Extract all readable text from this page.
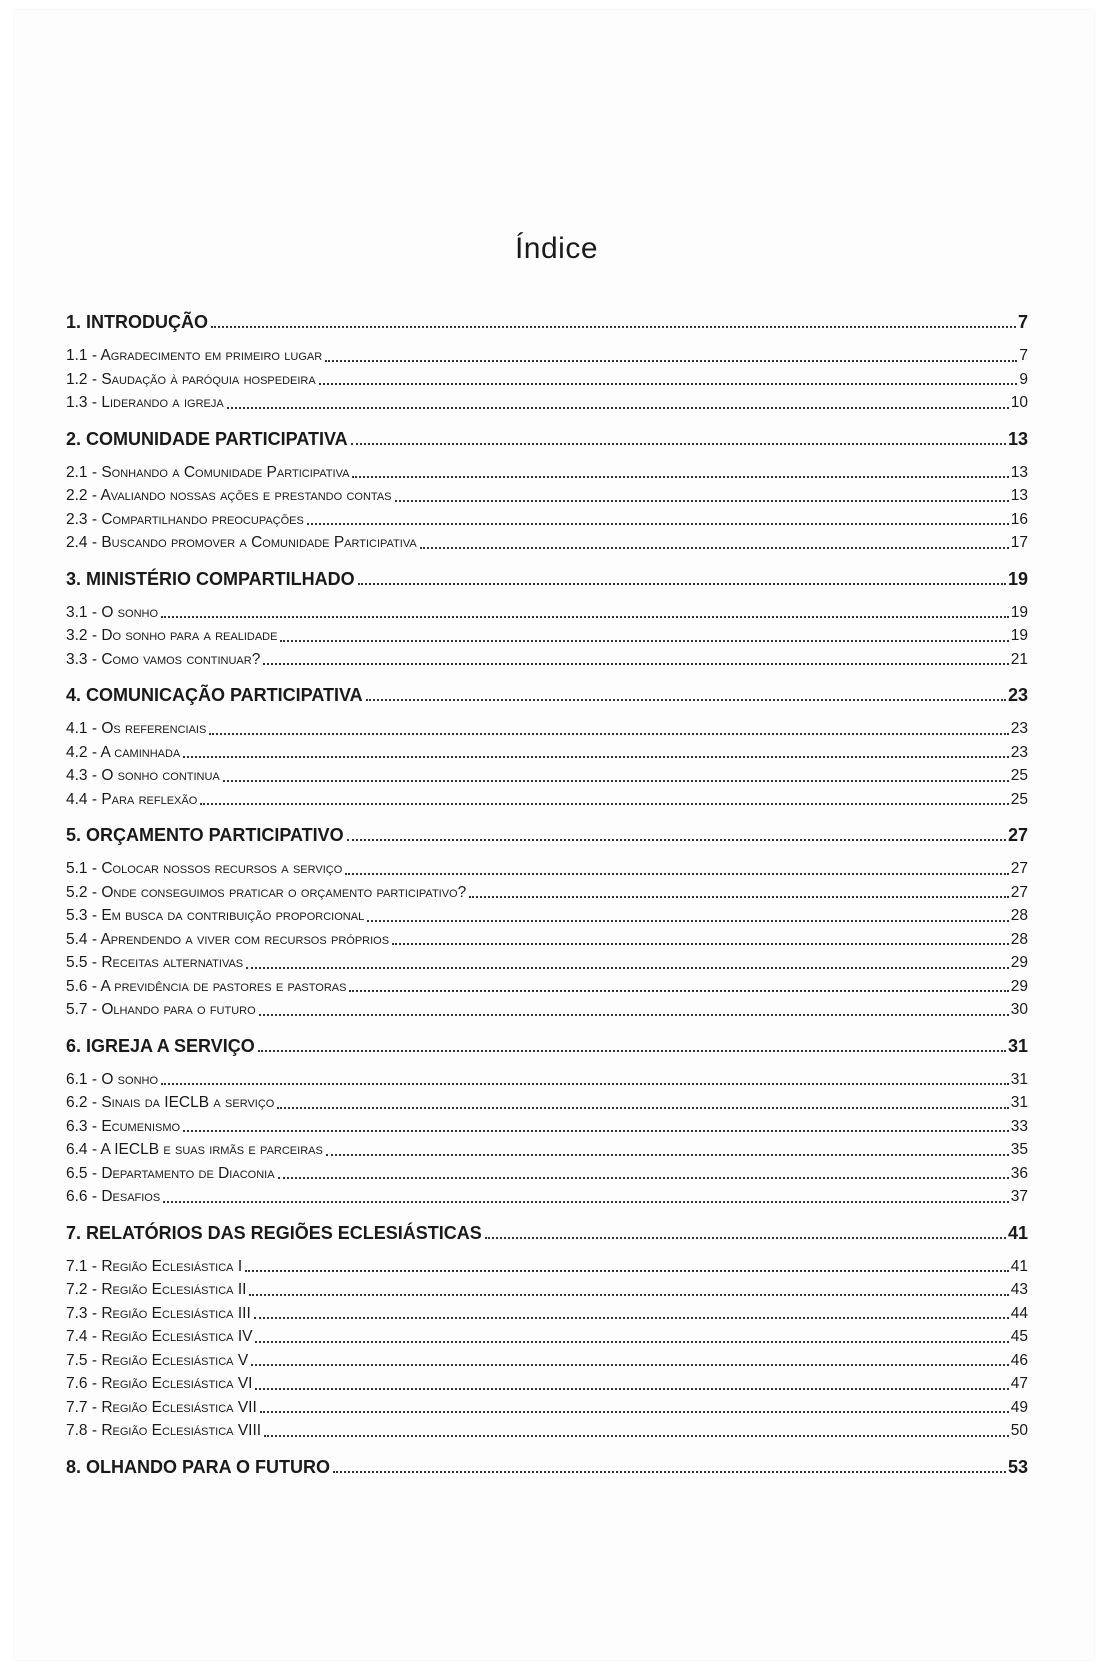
Índice
1. INTRODUÇÃO	7
1.1 - Agradecimento em primeiro lugar	7
1.2 - Saudação à paróquia hospedeira	9
1.3 - Liderando a igreja	10
2. COMUNIDADE PARTICIPATIVA	13
2.1 - Sonhando a Comunidade Participativa	13
2.2 - Avaliando nossas ações e prestando contas	13
2.3 - Compartilhando preocupações	16
2.4 - Buscando promover a Comunidade Participativa	17
3. MINISTÉRIO COMPARTILHADO	19
3.1 - O sonho	19
3.2 - Do sonho para a realidade	19
3.3 - Como vamos continuar?	21
4. COMUNICAÇÃO PARTICIPATIVA	23
4.1 - Os referenciais	23
4.2 - A caminhada	23
4.3 - O sonho continua	25
4.4 - Para reflexão	25
5. ORÇAMENTO PARTICIPATIVO	27
5.1 - Colocar nossos recursos a serviço	27
5.2 - Onde conseguimos praticar o orçamento participativo?	27
5.3 - Em busca da contribuição proporcional	28
5.4 - Aprendendo a viver com recursos próprios	28
5.5 - Receitas alternativas	29
5.6 - A previdência de pastores e pastoras	29
5.7 - Olhando para o futuro	30
6. IGREJA A SERVIÇO	31
6.1 - O sonho	31
6.2 - Sinais da IECLB a serviço	31
6.3 - Ecumenismo	33
6.4 - A IECLB e suas irmãs e parceiras	35
6.5 - Departamento de Diaconia	36
6.6 - Desafios	37
7. RELATÓRIOS DAS REGIÕES ECLESIÁSTICAS	41
7.1 - Região Eclesiástica I	41
7.2 - Região Eclesiástica II	43
7.3 - Região Eclesiástica III	44
7.4 - Região Eclesiástica IV	45
7.5 - Região Eclesiástica V	46
7.6 - Região Eclesiástica VI	47
7.7 - Região Eclesiástica VII	49
7.8 - Região Eclesiástica VIII	50
8. OLHANDO PARA O FUTURO	53
